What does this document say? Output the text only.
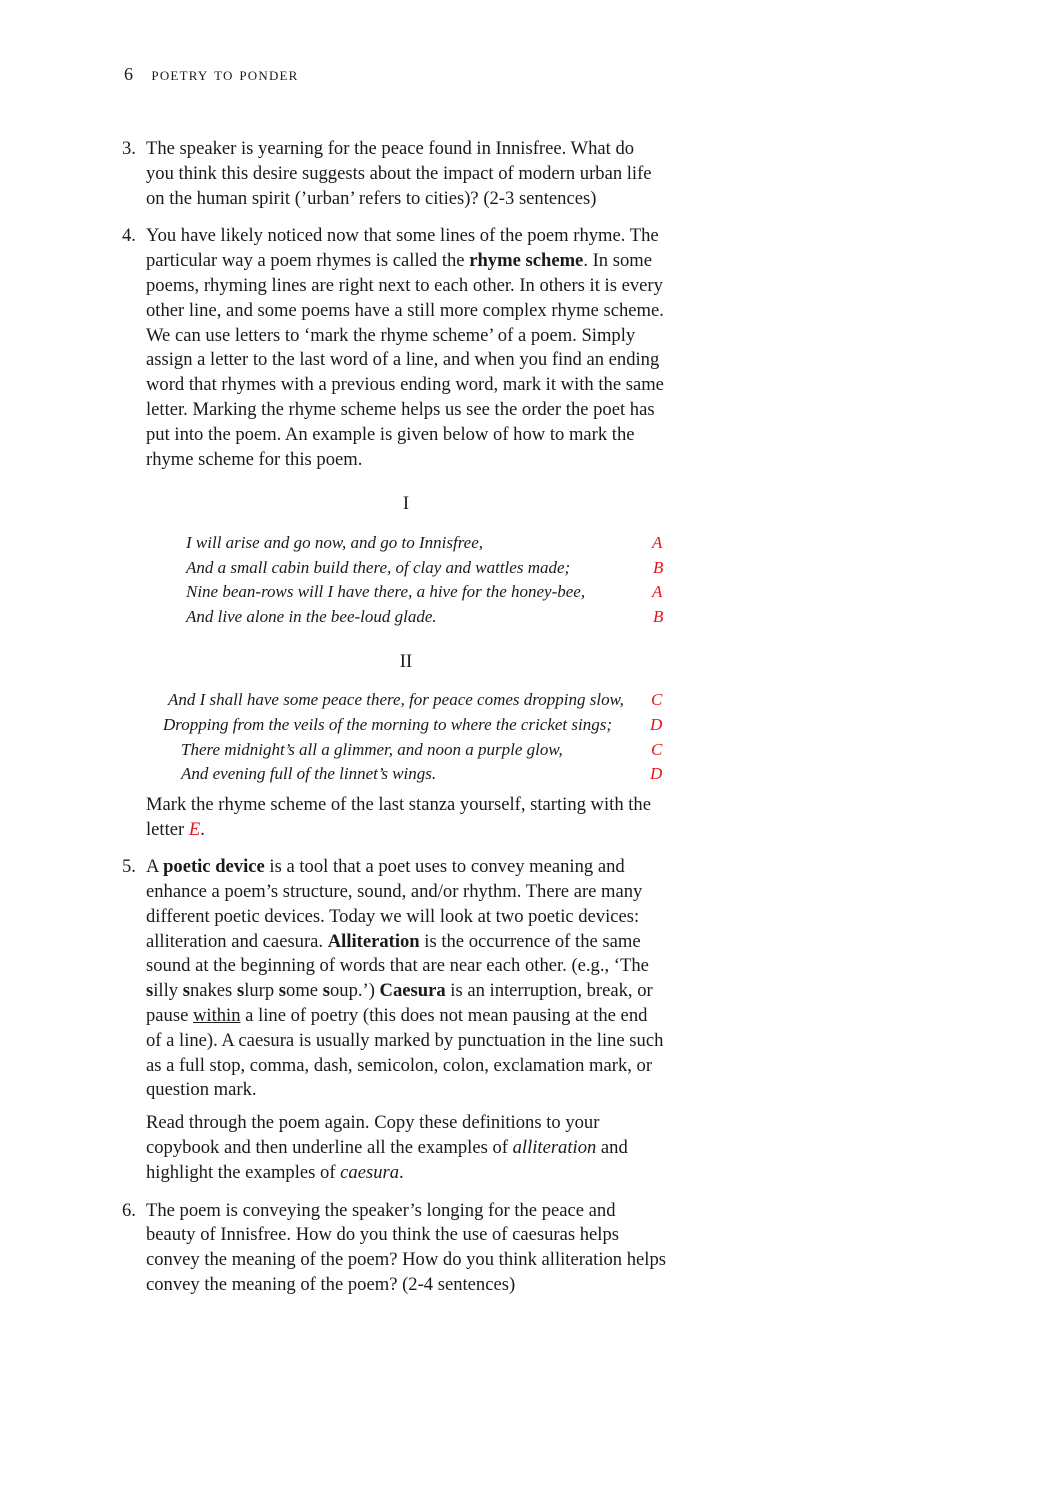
6 poetry to ponder
3. The speaker is yearning for the peace found in Innisfree. What do you think this desire suggests about the impact of modern urban life on the human spirit (’urban’ refers to cities)? (2-3 sentences)

4. You have likely noticed now that some lines of the poem rhyme. The particular way a poem rhymes is called the rhyme scheme. In some poems, rhyming lines are right next to each other. In others it is every other line, and some poems have a still more complex rhyme scheme. We can use letters to ‘mark the rhyme scheme’ of a poem. Simply assign a letter to the last word of a line, and when you find an ending word that rhymes with a previous ending word, mark it with the same letter. Marking the rhyme scheme helps us see the order the poet has put into the poem. An example is given below of how to mark the rhyme scheme for this poem.

I
I will arise and go now, and go to Innisfree,	A
And a small cabin build there, of clay and wattles made;	B
Nine bean-rows will I have there, a hive for the honey-bee,	A
And live alone in the bee-loud glade.	B
II
And I shall have some peace there, for peace comes dropping slow, C
Dropping from the veils of the morning to where the cricket sings; D
There midnight’s all a glimmer, and noon a purple glow,	C
And evening full of the linnet’s wings.	D

Mark the rhyme scheme of the last stanza yourself, starting with the letter E.

5. A poetic device is a tool that a poet uses to convey meaning and enhance a poem’s structure, sound, and/or rhythm. There are many different poetic devices. Today we will look at two poetic devices: alliteration and caesura. Alliteration is the occurrence of the same sound at the beginning of words that are near each other. (e.g., ‘The silly snakes slurp some soup.’) Caesura is an interruption, break, or pause within a line of poetry (this does not mean pausing at the end of a line). A caesura is usually marked by punctuation in the line such as a full stop, comma, dash, semicolon, colon, exclamation mark, or question mark.

Read through the poem again. Copy these definitions to your copybook and then underline all the examples of alliteration and highlight the examples of caesura.

6. The poem is conveying the speaker’s longing for the peace and beauty of Innisfree. How do you think the use of caesuras helps convey the meaning of the poem? How do you think alliteration helps convey the meaning of the poem? (2-4 sentences)
